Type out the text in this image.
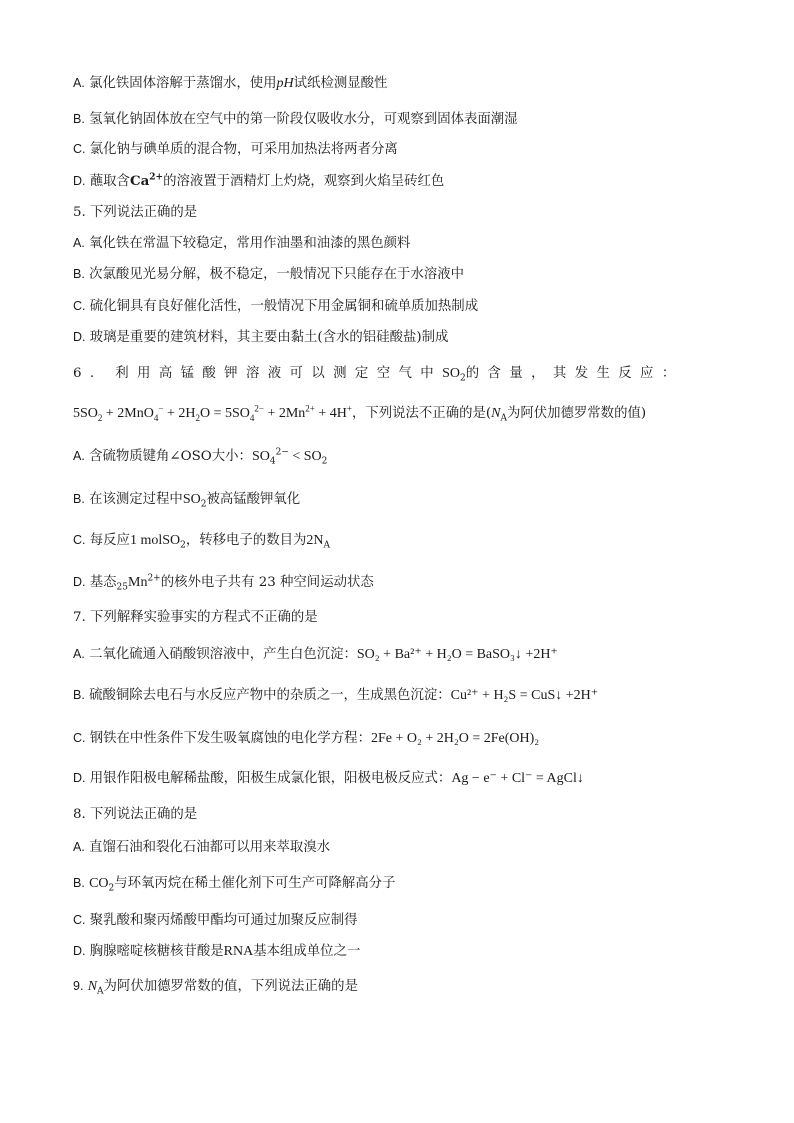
A. 氯化铁固体溶解于蒸馏水，使用pH试纸检测显酸性
B. 氢氧化钠固体放在空气中的第一阶段仅吸收水分，可观察到固体表面潮湿
C. 氯化钠与碘单质的混合物，可采用加热法将两者分离
D. 蘸取含$Ca^{2+}$的溶液置于酒精灯上灼烧，观察到火焰呈砖红色
5. 下列说法正确的是
A. 氧化铁在常温下较稳定，常用作油墨和油漆的黑色颜料
B. 次氯酸见光易分解，极不稳定，一般情况下只能存在于水溶液中
C. 硫化铜具有良好催化活性，一般情况下用金属铜和硫单质加热制成
D. 玻璃是重要的建筑材料，其主要由黏土(含水的铝硅酸盐)制成
6. 利用高锰酸钾溶液可以测定空气中$SO_2$的含量，其发生反应：
$5SO_2 + 2MnO_4^- + 2H_2O = 5SO_4^{2-} + 2Mn^{2+} + 4H^+$，下列说法不正确的是($N_A$为阿伏加德罗常数的值)
A. 含硫物质键角∠OSO大小：$SO_4^{2-} < SO_2$
B. 在该测定过程中$SO_2$被高锰酸钾氧化
C. 每反应1 molSO$_2$，转移电子的数目为$2N_A$
D. 基态$_{25}Mn^{2+}$的核外电子共有 23 种空间运动状态
7. 下列解释实验事实的方程式不正确的是
A. 二氧化硫通入硝酸钡溶液中，产生白色沉淀：SO₂ + Ba²⁺ + H₂O = BaSO₃↓ +2H⁺
B. 硫酸铜除去电石与水反应产物中的杂质之一，生成黑色沉淀：Cu²⁺ + H₂S = CuS↓ +2H⁺
C. 钢铁在中性条件下发生吸氧腐蚀的电化学方程：2Fe + O₂ + 2H₂O = 2Fe(OH)₂
D. 用银作阳极电解稀盐酸，阳极生成氯化银，阳极电极反应式：Ag − e⁻ + Cl⁻ = AgCl↓
8. 下列说法正确的是
A. 直馏石油和裂化石油都可以用来萃取溴水
B. $CO_2$与环氧丙烷在稀土催化剂下可生产可降解高分子
C. 聚乳酸和聚丙烯酸甲酯均可通过加聚反应制得
D. 胸腺嘧啶核糖核苷酸是RNA基本组成单位之一
9. $N_A$为阿伏加德罗常数的值，下列说法正确的是
